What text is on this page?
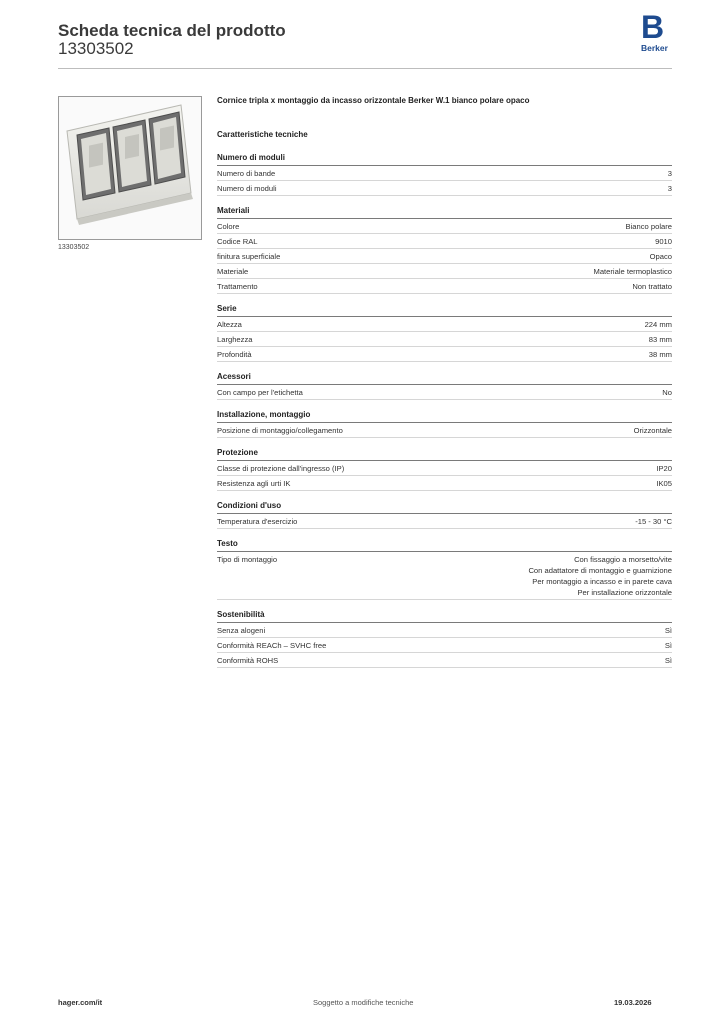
Scheda tecnica del prodotto
13303502
B
Berker
13303502
Cornice tripla x montaggio da incasso orizzontale Berker W.1 bianco polare opaco
Caratteristiche tecniche
Numero di moduli
Numero di bande	3
Numero di moduli	3
Materiali
Colore	Bianco polare
Codice RAL	9010
finitura superficiale	Opaco
Materiale	Materiale termoplastico
Trattamento	Non trattato
Serie
Altezza	224 mm
Larghezza	83 mm
Profondità	38 mm
Acessori
Con campo per l'etichetta	No
Installazione, montaggio
Posizione di montaggio/collegamento	Orizzontale
Protezione
Classe di protezione dall'ingresso (IP)	IP20
Resistenza agli urti IK	IK05
Condizioni d'uso
Temperatura d'esercizio	-15 - 30 °C
Testo
Tipo di montaggio	Con fissaggio a morsetto/vite
Con adattatore di montaggio e guarnizione
Per montaggio a incasso e in parete cava
Per installazione orizzontale
Sostenibilità
Senza alogeni	Sì
Conformità REACh – SVHC free	Sì
Conformità ROHS	Sì
hager.com/it	Soggetto a modifiche tecniche	19.03.2026
